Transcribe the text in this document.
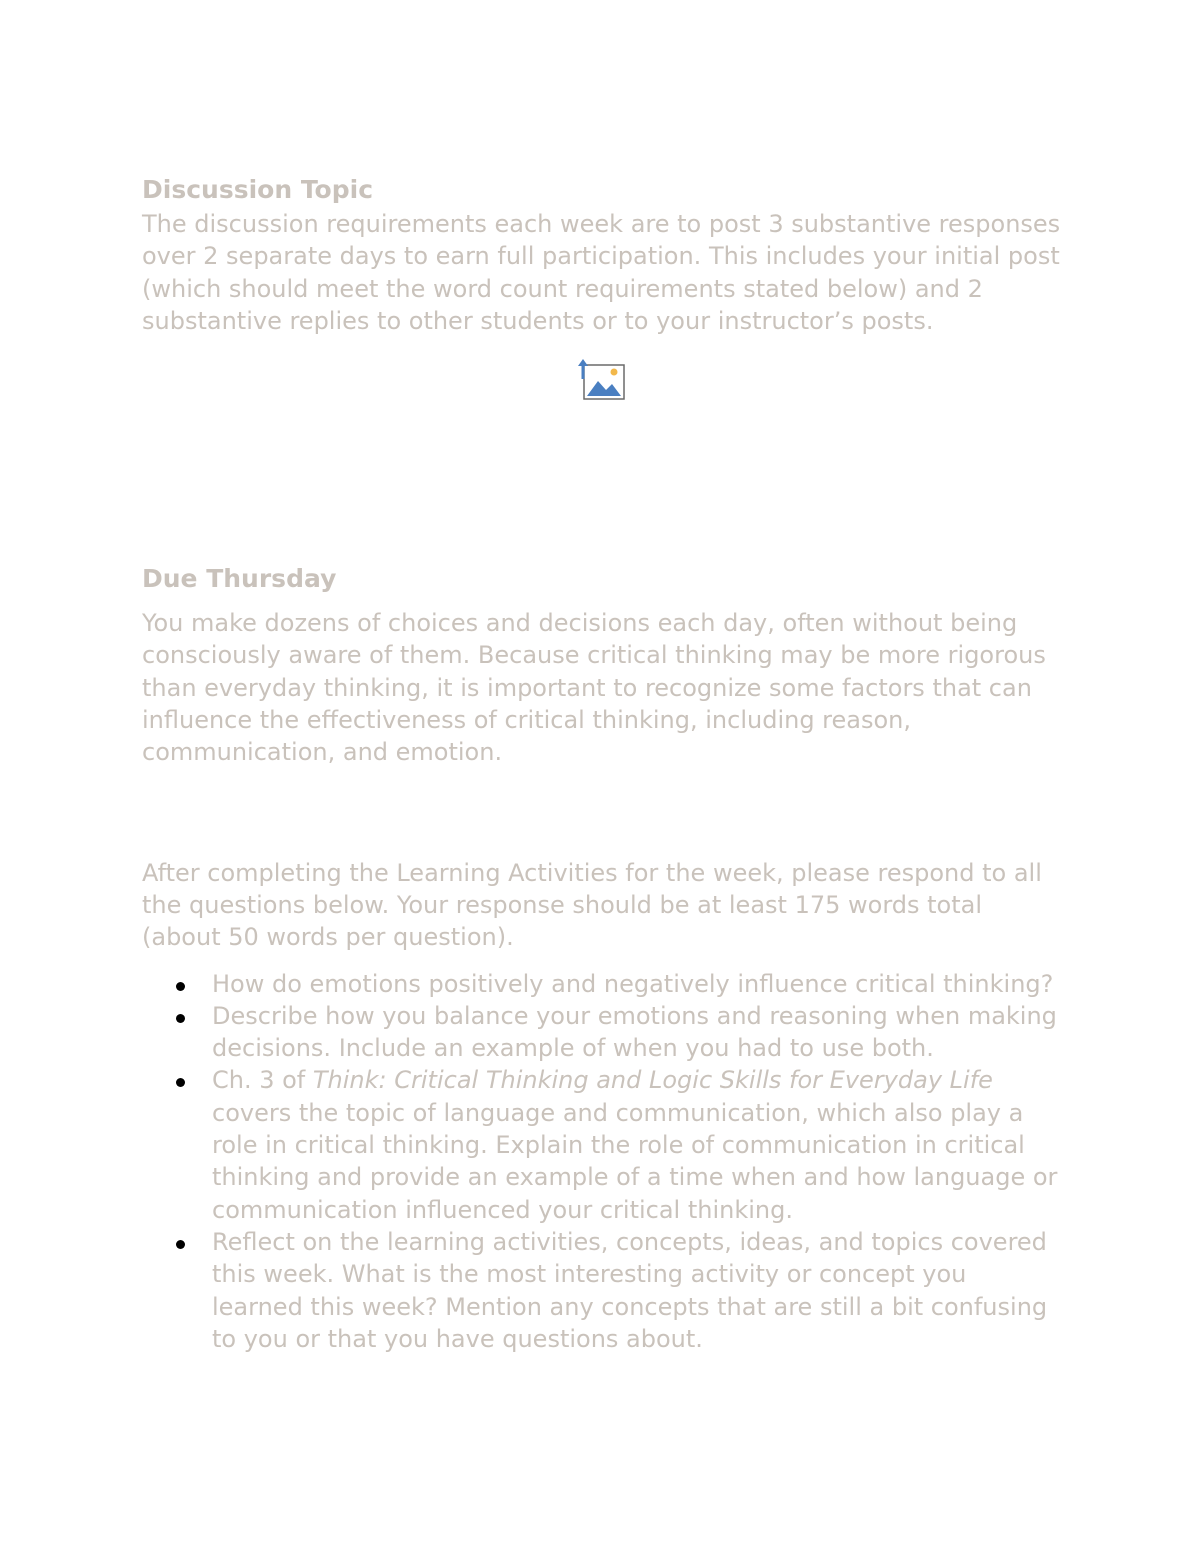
Discussion Topic

The discussion requirements each week are to post 3 substantive responses over 2 separate days to earn full participation. This includes your initial post (which should meet the word count requirements stated below) and 2 substantive replies to other students or to your instructor’s posts.

Due Thursday

You make dozens of choices and decisions each day, often without being consciously aware of them. Because critical thinking may be more rigorous than everyday thinking, it is important to recognize some factors that can influence the effectiveness of critical thinking, including reason, communication, and emotion.

After completing the Learning Activities for the week, please respond to all the questions below. Your response should be at least 175 words total (about 50 words per question).

How do emotions positively and negatively influence critical thinking?
Describe how you balance your emotions and reasoning when making decisions. Include an example of when you had to use both.
Ch. 3 of Think: Critical Thinking and Logic Skills for Everyday Life covers the topic of language and communication, which also play a role in critical thinking. Explain the role of communication in critical thinking and provide an example of a time when and how language or communication influenced your critical thinking.
Reflect on the learning activities, concepts, ideas, and topics covered this week. What is the most interesting activity or concept you learned this week? Mention any concepts that are still a bit confusing to you or that you have questions about.
